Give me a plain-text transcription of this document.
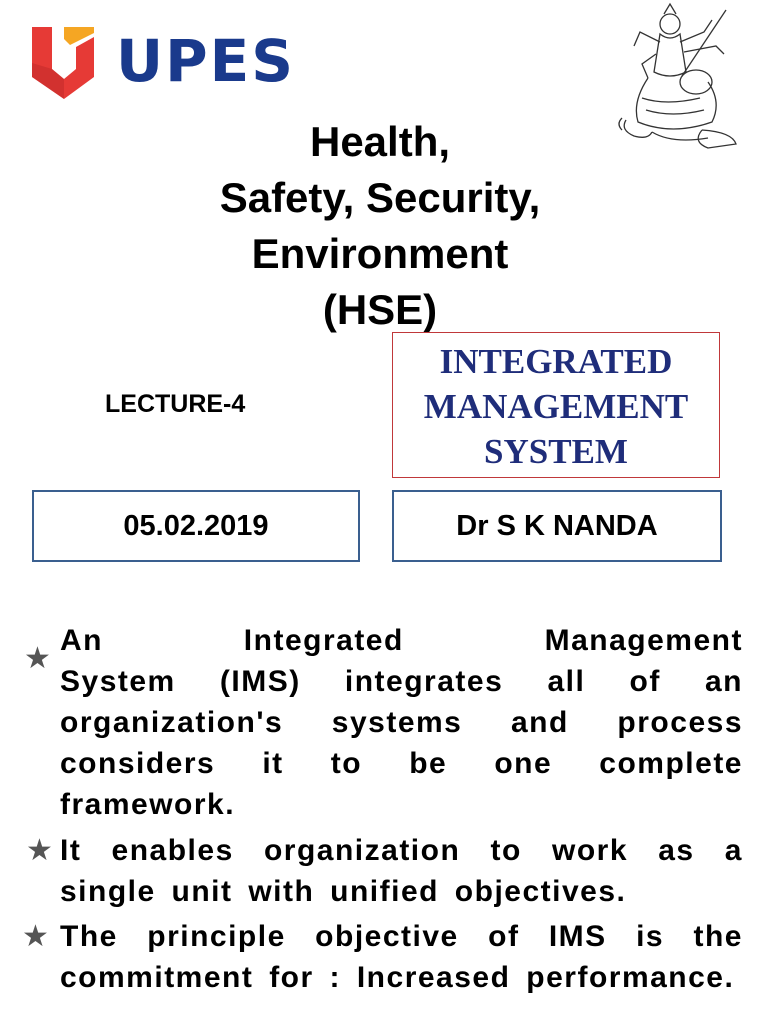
UPES
Health,
Safety, Security,
Environment
(HSE)
LECTURE-4
INTEGRATED
MANAGEMENT
SYSTEM
05.02.2019	Dr S K NANDA
★
An Integrated Management
System (IMS) integrates all of an
organization's systems and process
considers it to be one complete
framework.
★ It enables organization to work as a single unit with unified objectives.
★ The principle objective of IMS is the commitment for : Increased performance.
